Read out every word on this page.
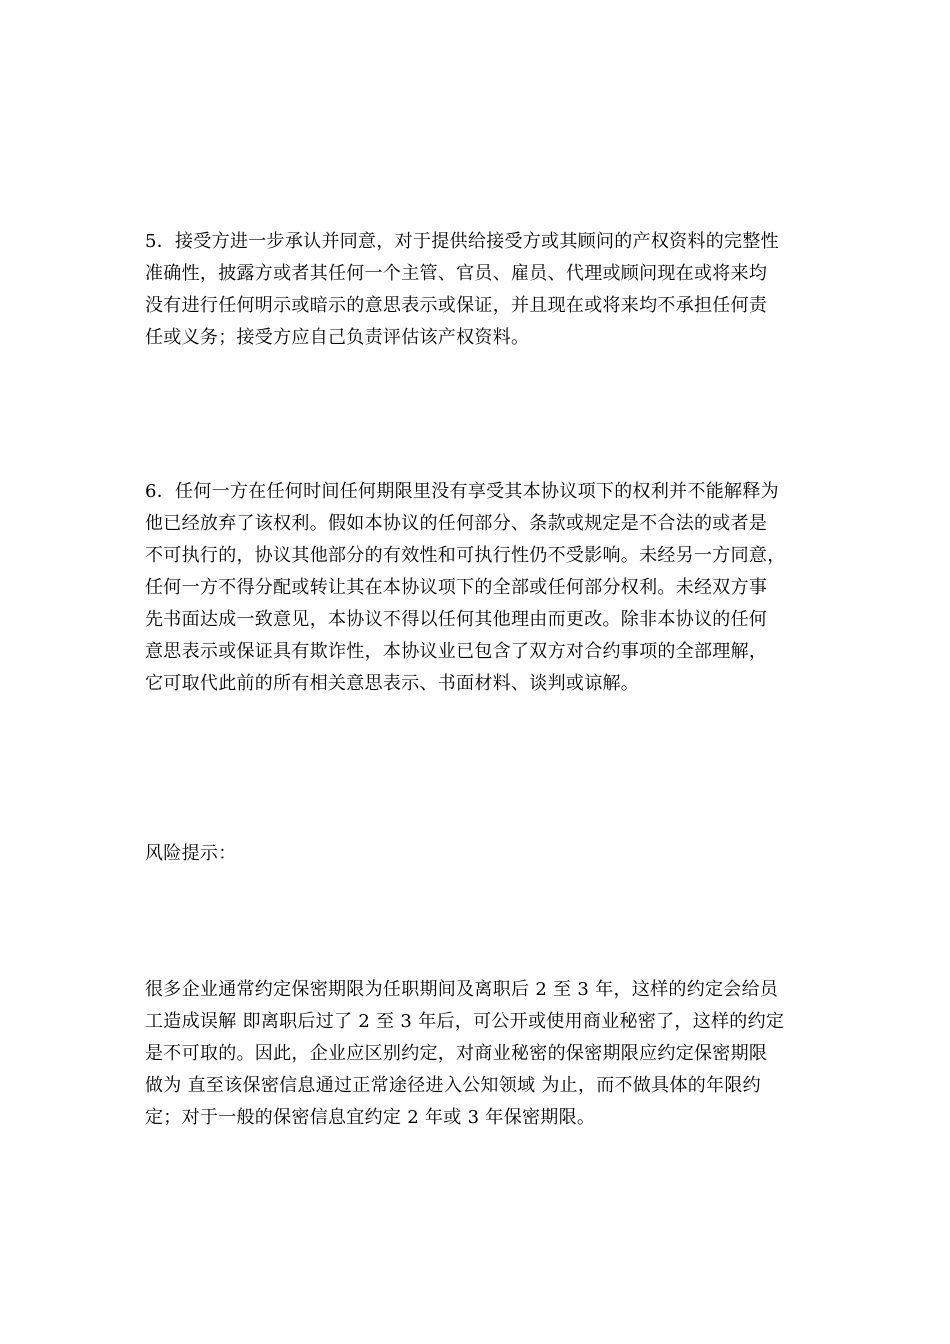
5．接受方进一步承认并同意，对于提供给接受方或其顾问的产权资料的完整性
准确性，披露方或者其任何一个主管、官员、雇员、代理或顾问现在或将来均
没有进行任何明示或暗示的意思表示或保证，并且现在或将来均不承担任何责
任或义务；接受方应自己负责评估该产权资料。
6．任何一方在任何时间任何期限里没有享受其本协议项下的权利并不能解释为
他已经放弃了该权利。假如本协议的任何部分、条款或规定是不合法的或者是
不可执行的，协议其他部分的有效性和可执行性仍不受影响。未经另一方同意，
任何一方不得分配或转让其在本协议项下的全部或任何部分权利。未经双方事
先书面达成一致意见，本协议不得以任何其他理由而更改。除非本协议的任何
意思表示或保证具有欺诈性，本协议业已包含了双方对合约事项的全部理解，
它可取代此前的所有相关意思表示、书面材料、谈判或谅解。
风险提示：
很多企业通常约定保密期限为任职期间及离职后 2 至 3 年，这样的约定会给员
工造成误解 即离职后过了 2 至 3 年后，可公开或使用商业秘密了，这样的约定
是不可取的。因此，企业应区别约定，对商业秘密的保密期限应约定保密期限
做为 直至该保密信息通过正常途径进入公知领域 为止，而不做具体的年限约
定；对于一般的保密信息宜约定 2 年或 3 年保密期限。
